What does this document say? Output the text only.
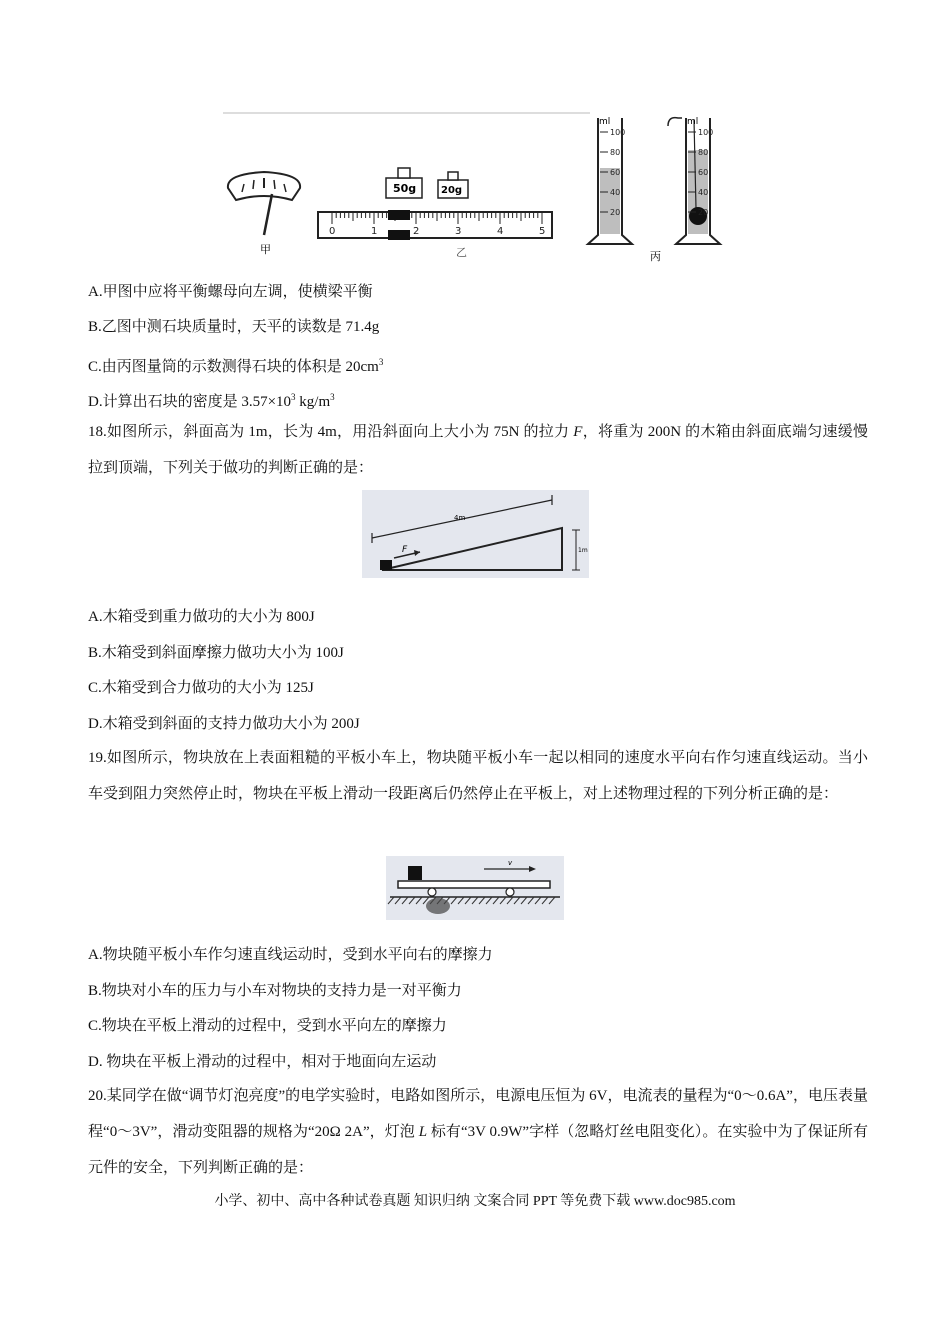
甲
50g 20g
0	1	2	3	4	5
乙
ml
100
80
60
40
20
ml
100
80
60
40
20
丙
A.甲图中应将平衡螺母向左调，使横梁平衡
B.乙图中测石块质量时，天平的读数是 71.4g
C.由丙图量筒的示数测得石块的体积是 $20cm^3$
D.计算出石块的密度是 $3.57\times 10^3$ $kg/m^3$
18.如图所示，斜面高为 1m，长为 4m，用沿斜面向上大小为 75N 的拉力 F，将重为 200N 的木箱由斜面底端匀速缓慢拉到顶端，下列关于做功的判断正确的是：
4m
F	1m
A.木箱受到重力做功的大小为 800J
B.木箱受到斜面摩擦力做功大小为 100J
C.木箱受到合力做功的大小为 125J
D.木箱受到斜面的支持力做功大小为 200J
19.如图所示，物块放在上表面粗糙的平板小车上，物块随平板小车一起以相同的速度水平向右作匀速直线运动。当小车受到阻力突然停止时，物块在平板上滑动一段距离后仍然停止在平板上，对上述物理过程的下列分析正确的是：
v
A.物块随平板小车作匀速直线运动时，受到水平向右的摩擦力
B.物块对小车的压力与小车对物块的支持力是一对平衡力
C.物块在平板上滑动的过程中，受到水平向左的摩擦力
D. 物块在平板上滑动的过程中，相对于地面向左运动
20.某同学在做“调节灯泡亮度”的电学实验时，电路如图所示，电源电压恒为 6V，电流表的量程为“0～0.6A”，电压表量程“0～3V”，滑动变阻器的规格为“20Ω 2A”，灯泡 L 标有“3V 0.9W”字样（忽略灯丝电阻变化）。在实验中为了保证所有元件的安全，下列判断正确的是：
小学、初中、高中各种试卷真题 知识归纳 文案合同 PPT 等免费下载 www.doc985.com
